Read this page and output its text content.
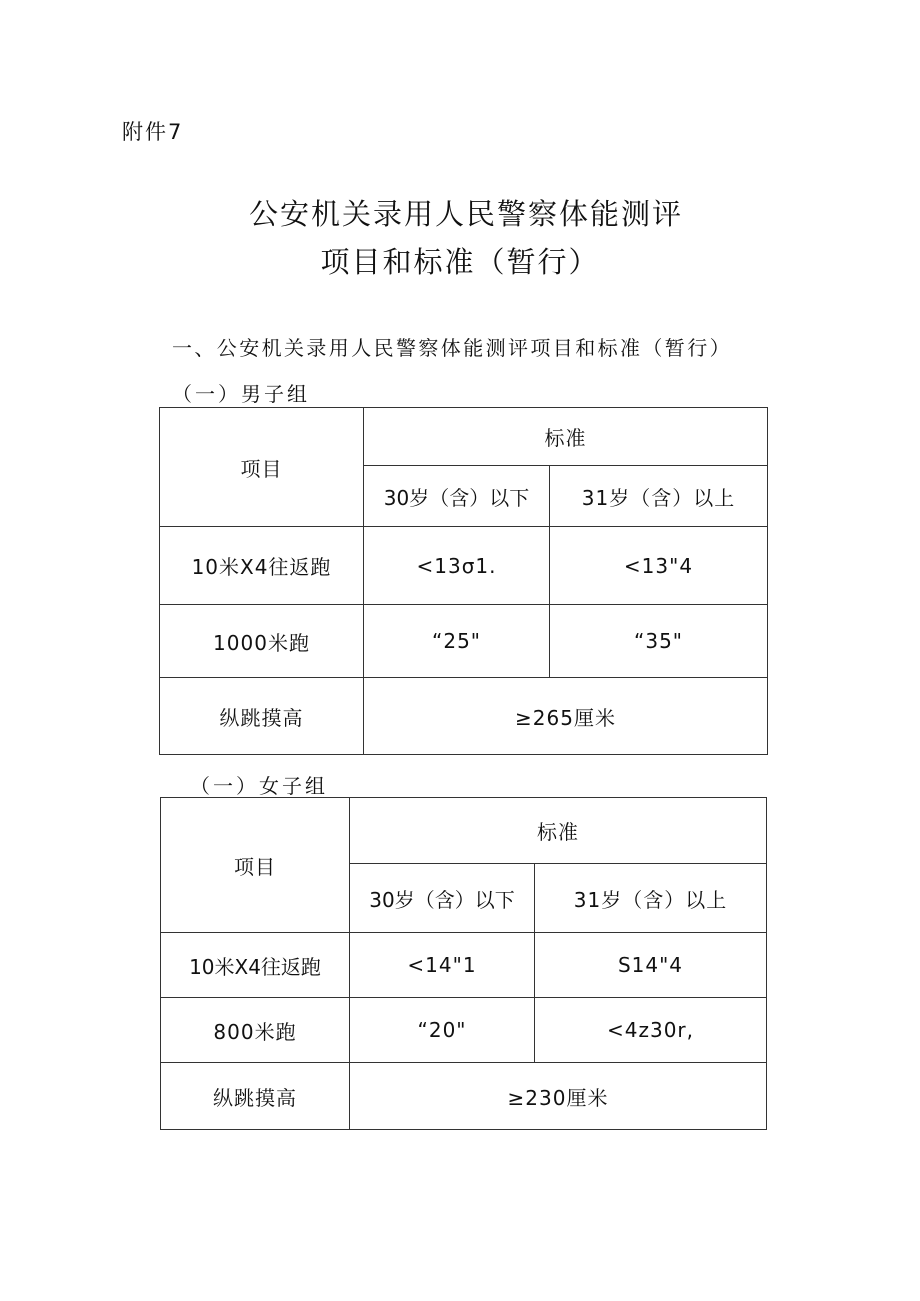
附件7
公安机关录用人民警察体能测评
项目和标准（暂行）
一、公安机关录用人民警察体能测评项目和标准（暂行）
（一）男子组
项目	标准	
	30岁（含）以下	31岁（含）以上
10米X4往返跑	<13σ1.	<13"4
1000米跑	“25"	“35"
纵跳摸高	≥265厘米	
（一）女子组
项目	标准	
	30岁（含）以下	31岁（含）以上
10米X4往返跑	<14"1	S14"4
800米跑	“20"	<4z30r,
纵跳摸高	≥230厘米	
